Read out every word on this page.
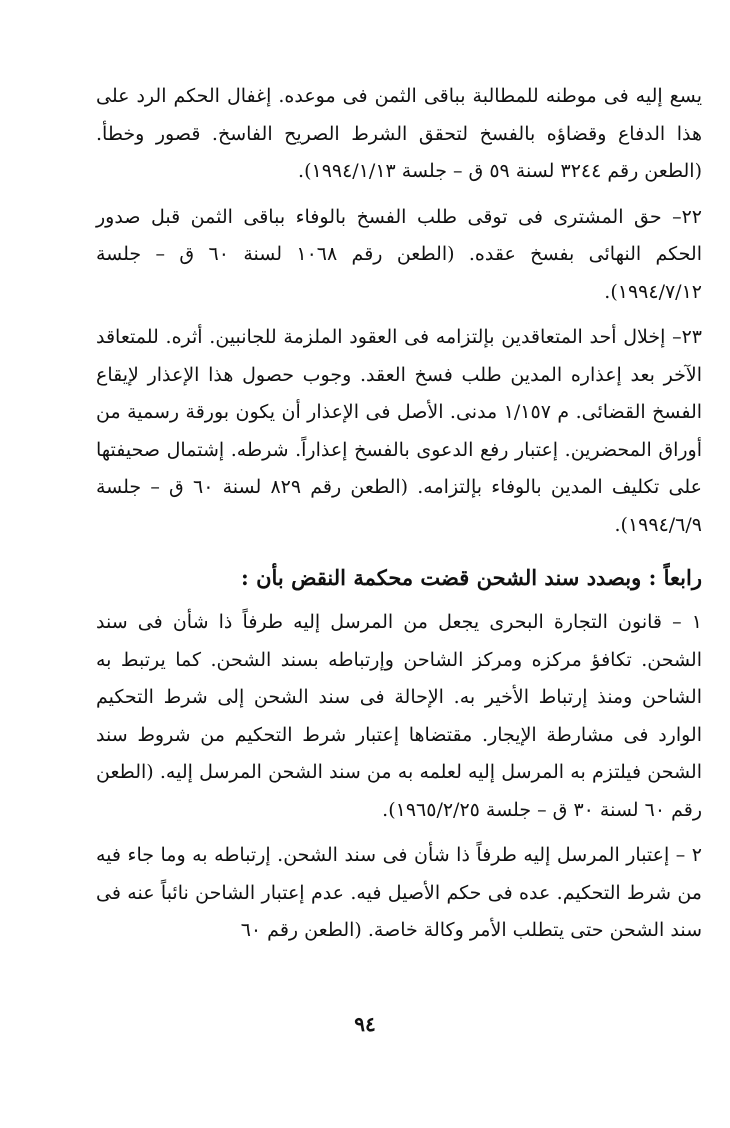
يسع إليه فى موطنه للمطالبة بباقى الثمن فى موعده. إغفال الحكم الرد على هذا الدفاع وقضاؤه بالفسخ لتحقق الشرط الصريح الفاسخ. قصور وخطأ. (الطعن رقم ٣٢٤٤ لسنة ٥٩ ق – جلسة ١٩٩٤/١/١٣).

٢٢– حق المشترى فى توقى طلب الفسخ بالوفاء بباقى الثمن قبل صدور الحكم النهائى بفسخ عقده. (الطعن رقم ١٠٦٨ لسنة ٦٠ ق – جلسة ١٩٩٤/٧/١٢).

٢٣– إخلال أحد المتعاقدين بإلتزامه فى العقود الملزمة للجانبين. أثره. للمتعاقد الآخر بعد إعذاره المدين طلب فسخ العقد. وجوب حصول هذا الإعذار لإيقاع الفسخ القضائى. م ١/١٥٧ مدنى. الأصل فى الإعذار أن يكون بورقة رسمية من أوراق المحضرين. إعتبار رفع الدعوى بالفسخ إعذاراً. شرطه. إشتمال صحيفتها على تكليف المدين بالوفاء بإلتزامه. (الطعن رقم ٨٢٩ لسنة ٦٠ ق – جلسة ١٩٩٤/٦/٩).

رابعاً : وبصدد سند الشحن قضت محكمة النقض بأن :

١ – قانون التجارة البحرى يجعل من المرسل إليه طرفاً ذا شأن فى سند الشحن. تكافؤ مركزه ومركز الشاحن وإرتباطه بسند الشحن. كما يرتبط به الشاحن ومنذ إرتباط الأخير به. الإحالة فى سند الشحن إلى شرط التحكيم الوارد فى مشارطة الإيجار. مقتضاها إعتبار شرط التحكيم من شروط سند الشحن فيلتزم به المرسل إليه لعلمه به من سند الشحن المرسل إليه. (الطعن رقم ٦٠ لسنة ٣٠ ق – جلسة ١٩٦٥/٢/٢٥).

٢ – إعتبار المرسل إليه طرفاً ذا شأن فى سند الشحن. إرتباطه به وما جاء فيه من شرط التحكيم. عده فى حكم الأصيل فيه. عدم إعتبار الشاحن نائباً عنه فى سند الشحن حتى يتطلب الأمر وكالة خاصة. (الطعن رقم ٦٠

٩٤
